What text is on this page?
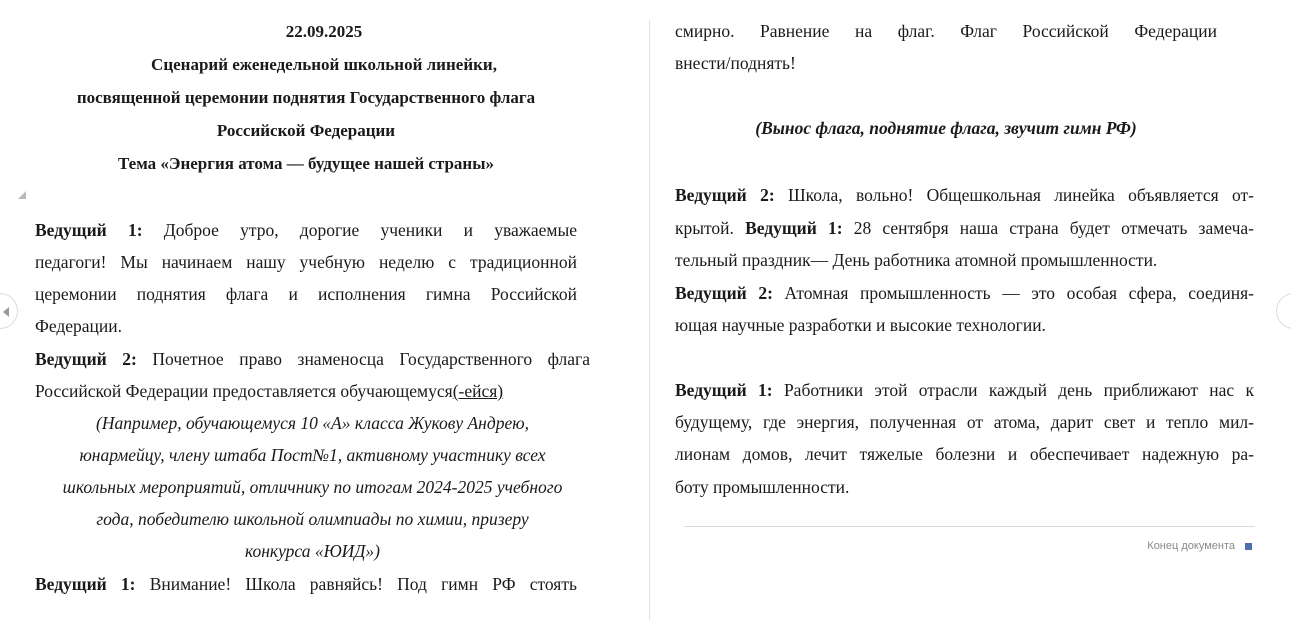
22.09.2025
Сценарий еженедельной школьной линейки,
посвященной церемонии поднятия Государственного флага
Российской Федерации
Тема «Энергия атома — будущее нашей страны»
Ведущий 1: Доброе утро, дорогие ученики и уважаемые
педагоги! Мы начинаем нашу учебную неделю с традиционной
церемонии поднятия флага и исполнения гимна Российской
Федерации.
Ведущий 2: Почетное право знаменосца Государственного флага
Российской Федерации предоставляется обучающемуся(-ейся)
(Например, обучающемуся 10 «А» класса Жукову Андрею,
юнармейцу, члену штаба Пост№1, активному участнику всех
школьных мероприятий, отличнику по итогам 2024-2025 учебного
года, победителю школьной олимпиады по химии, призеру
конкурса «ЮИД»)
Ведущий 1: Внимание! Школа равняйсь! Под гимн РФ стоять
смирно. Равнение на флаг. Флаг Российской Федерации
внести/поднять!
(Вынос флага, поднятие флага, звучит гимн РФ)
Ведущий 2: Школа, вольно! Общешкольная линейка объявляется от-
крытой. Ведущий 1: 28 сентября наша страна будет отмечать замеча-
тельный праздник— День работника атомной промышленности.
Ведущий 2: Атомная промышленность — это особая сфера, соединя-
ющая научные разработки и высокие технологии.
Ведущий 1: Работники этой отрасли каждый день приближают нас к
будущему, где энергия, полученная от атома, дарит свет и тепло мил-
лионам домов, лечит тяжелые болезни и обеспечивает надежную ра-
боту промышленности.
Конец документа
